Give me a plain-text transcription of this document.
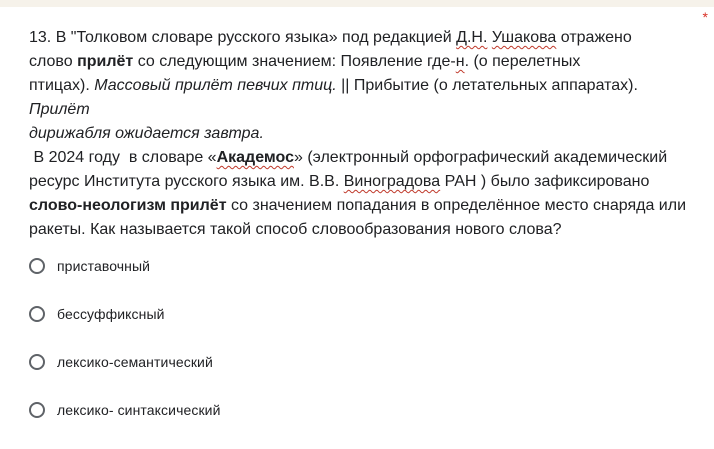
*

13. В "Толковом словаре русского языка» под редакцией Д.Н. Ушакова отражено

слово прилёт со следующим значением: Появление где-н. (о перелетных

птицах). Массовый прилёт певчих птиц. || Прибытие (о летательных аппаратах). Прилёт

дирижабля ожидается завтра.

В 2024 году  в словаре «Академос» (электронный орфографический академический

ресурс Института русского языка им. В.В. Виноградова РАН ) было зафиксировано

слово-неологизм прилёт со значением попадания в определённое место снаряда или

ракеты. Как называется такой способ словообразования нового слова?

приставочный
бессуффиксный
лексико-семантический
лексико- синтаксический
